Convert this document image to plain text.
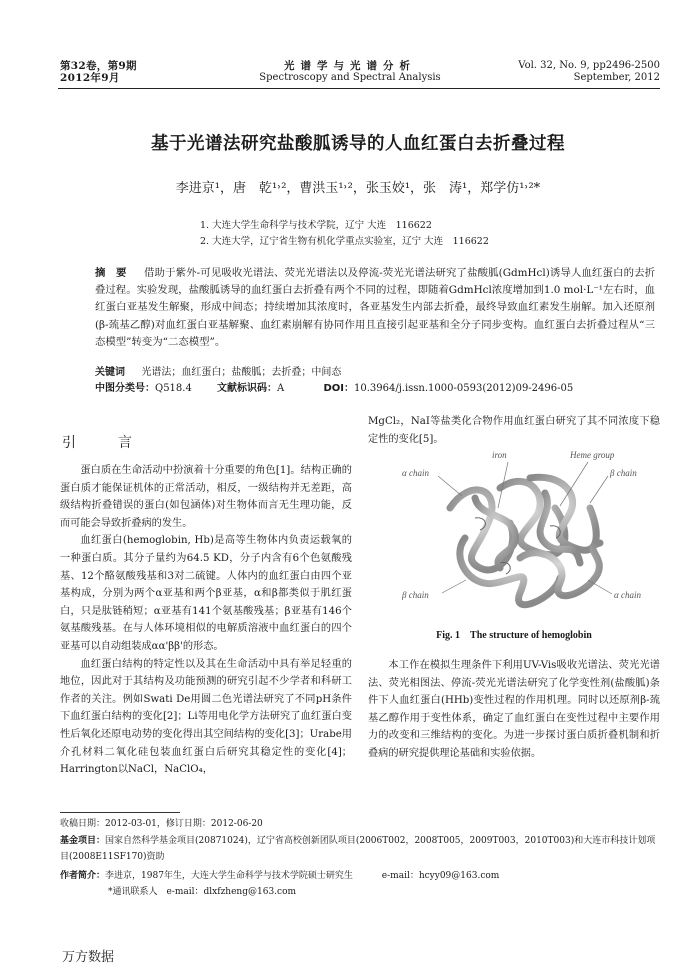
第32卷，第9期
2012年9月
光谱学与光谱分析
Spectroscopy and Spectral Analysis
Vol. 32, No. 9, pp2496-2500
September, 2012
基于光谱法研究盐酸胍诱导的人血红蛋白去折叠过程
李进京¹，唐　乾¹˒²，曹洪玉¹˒²，张玉姣¹，张　涛¹，郑学仿¹˒²*
1. 大连大学生命科学与技术学院，辽宁 大连　116622
2. 大连大学，辽宁省生物有机化学重点实验室，辽宁 大连　116622
摘　要 　 借助于紫外-可见吸收光谱法、荧光光谱法以及停流-荧光光谱法研究了盐酸胍(GdmHcl)诱导人血红蛋白的去折叠过程。实验发现，盐酸胍诱导的血红蛋白去折叠有两个不同的过程，即随着GdmHcl浓度增加到1.0 mol·L⁻¹左右时，血红蛋白亚基发生解聚，形成中间态；持续增加其浓度时，各亚基发生内部去折叠，最终导致血红素发生崩解。加入还原剂(β-巯基乙醇)对血红蛋白亚基解聚、血红素崩解有协同作用且直接引起亚基和全分子同步变构。血红蛋白去折叠过程从“三态模型”转变为“二态模型”。
关键词 　 光谱法；血红蛋白；盐酸胍；去折叠；中间态
中图分类号：Q518.4	文献标识码：A	DOI：10.3964/j.issn.1000-0593(2012)09-2496-05
引　言

蛋白质在生命活动中扮演着十分重要的角色[1]。结构正确的蛋白质才能保证机体的正常活动，相反，一级结构并无差距，高级结构折叠错误的蛋白(如包涵体)对生物体而言无生理功能，反而可能会导致折叠病的发生。

血红蛋白(hemoglobin, Hb)是高等生物体内负责运载氧的一种蛋白质。其分子量约为64.5 KD，分子内含有6个色氨酸残基、12个酪氨酸残基和3对二硫键。人体内的血红蛋白由四个亚基构成，分别为两个α亚基和两个β亚基，α和β都类似于肌红蛋白，只是肽链稍短；α亚基有141个氨基酸残基；β亚基有146个氨基酸残基。在与人体环境相似的电解质溶液中血红蛋白的四个亚基可以自动组装成αα'ββ'的形态。

血红蛋白结构的特定性以及其在生命活动中具有举足轻重的地位，因此对于其结构及功能预测的研究引起不少学者和科研工作者的关注。例如Swati De用圆二色光谱法研究了不同pH条件下血红蛋白结构的变化[2]；Li等用电化学方法研究了血红蛋白变性后氧化还原电动势的变化得出其空间结构的变化[3]；Urabe用介孔材料二氧化硅包装血红蛋白后研究其稳定性的变化[4]；Harrington以NaCl，NaClO₄，

MgCl₂，NaI等盐类化合物作用血红蛋白研究了其不同浓度下稳定性的变化[5]。

iron	Heme group
α chain	β chain
β chain	α chain
Fig. 1　The structure of hemoglobin

本工作在模拟生理条件下利用UV-Vis吸收光谱法、荧光光谱法、荧光相图法、停流-荧光光谱法研究了化学变性剂(盐酸胍)条件下人血红蛋白(HHb)变性过程的作用机理。同时以还原剂β-巯基乙醇作用于变性体系，确定了血红蛋白在变性过程中主要作用力的改变和三维结构的变化。为进一步探讨蛋白质折叠机制和折叠病的研究提供理论基础和实验依据。

收稿日期：2012-03-01，修订日期：2012-06-20
基金项目：国家自然科学基金项目(20871024)，辽宁省高校创新团队项目(2006T002，2008T005，2009T003，2010T003)和大连市科技计划项目(2008E11SF170)资助
作者简介：李进京，1987年生，大连大学生命科学与技术学院硕士研究生	e-mail：hcyy09@163.com
*通讯联系人　e-mail：dlxfzheng@163.com
万方数据
